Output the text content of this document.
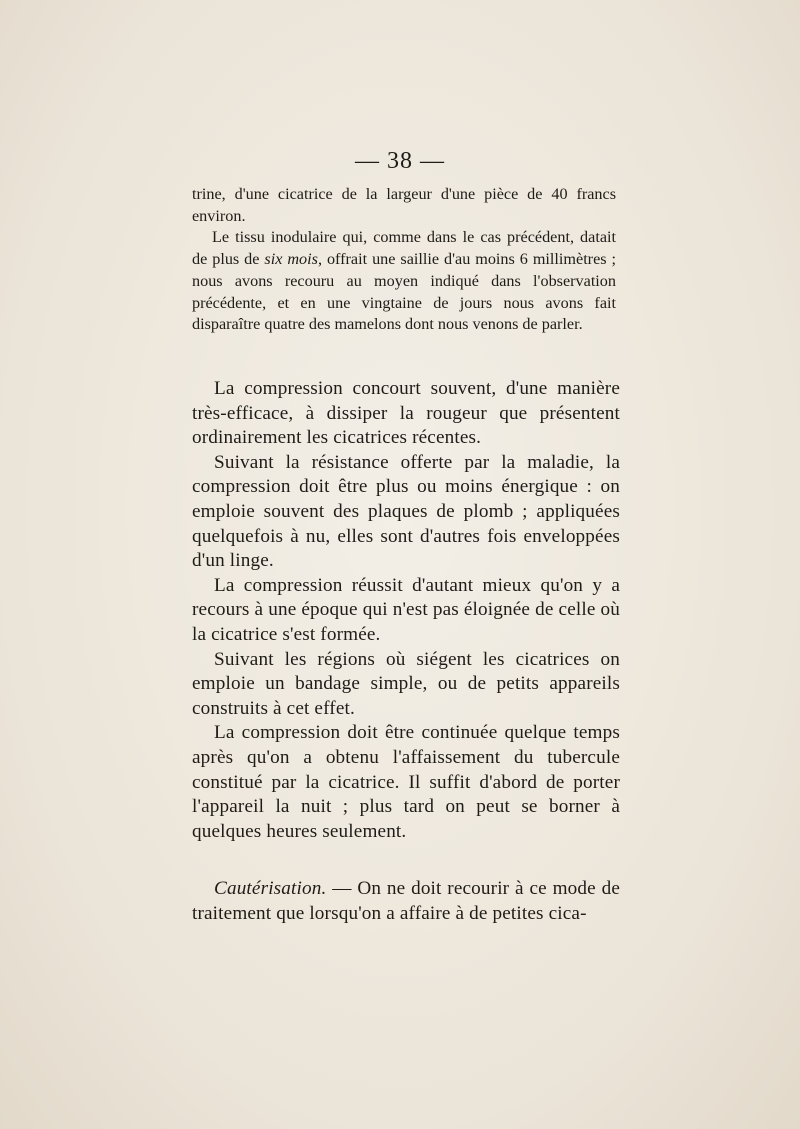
— 38 —

trine, d'une cicatrice de la largeur d'une pièce de 40 francs environ.

Le tissu inodulaire qui, comme dans le cas précédent, datait de plus de six mois, offrait une saillie d'au moins 6 millimètres ; nous avons recouru au moyen indiqué dans l'observation précédente, et en une vingtaine de jours nous avons fait disparaître quatre des mamelons dont nous venons de parler.

La compression concourt souvent, d'une manière très-efficace, à dissiper la rougeur que présentent ordinairement les cicatrices récentes.

Suivant la résistance offerte par la maladie, la compression doit être plus ou moins énergique : on emploie souvent des plaques de plomb ; appliquées quelquefois à nu, elles sont d'autres fois enveloppées d'un linge.

La compression réussit d'autant mieux qu'on y a recours à une époque qui n'est pas éloignée de celle où la cicatrice s'est formée.

Suivant les régions où siégent les cicatrices on emploie un bandage simple, ou de petits appareils construits à cet effet.

La compression doit être continuée quelque temps après qu'on a obtenu l'affaissement du tubercule constitué par la cicatrice. Il suffit d'abord de porter l'appareil la nuit ; plus tard on peut se borner à quelques heures seulement.

Cautérisation. — On ne doit recourir à ce mode de traitement que lorsqu'on a affaire à de petites cica-
